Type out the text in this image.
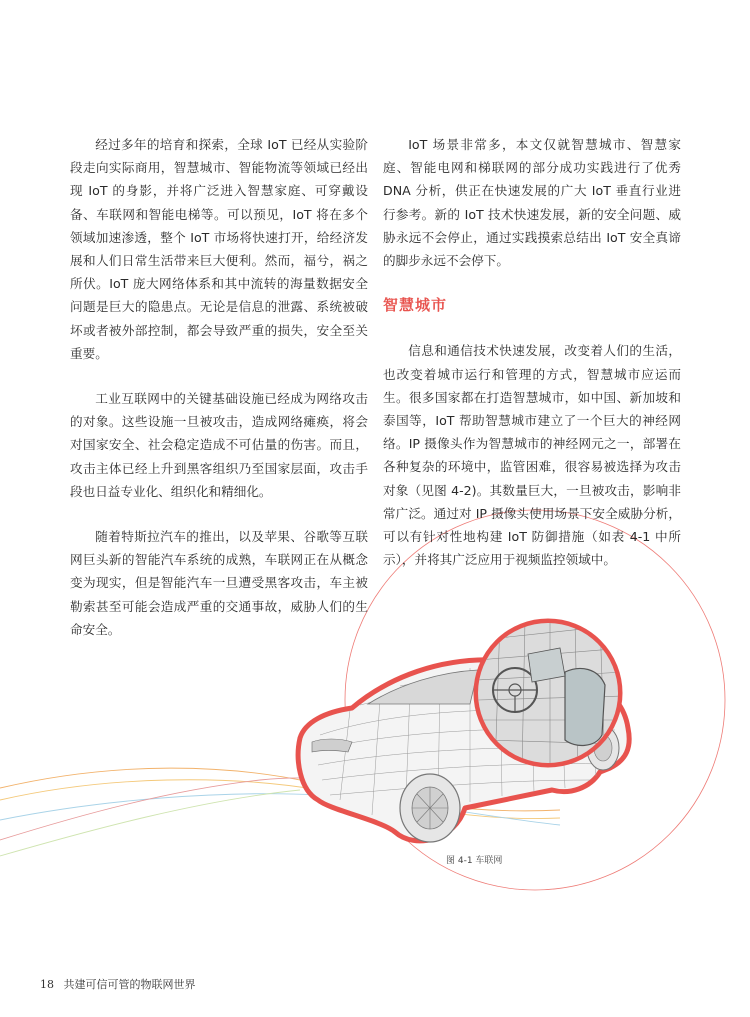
经过多年的培育和探索，全球 IoT 已经从实验阶段走向实际商用，智慧城市、智能物流等领域已经出现 IoT 的身影，并将广泛进入智慧家庭、可穿戴设备、车联网和智能电梯等。可以预见，IoT 将在多个领域加速渗透，整个 IoT 市场将快速打开，给经济发展和人们日常生活带来巨大便利。然而，福兮，祸之所伏。IoT 庞大网络体系和其中流转的海量数据安全问题是巨大的隐患点。无论是信息的泄露、系统被破坏或者被外部控制，都会导致严重的损失，安全至关重要。

工业互联网中的关键基础设施已经成为网络攻击的对象。这些设施一旦被攻击，造成网络瘫痪，将会对国家安全、社会稳定造成不可估量的伤害。而且，攻击主体已经上升到黑客组织乃至国家层面，攻击手段也日益专业化、组织化和精细化。

随着特斯拉汽车的推出，以及苹果、谷歌等互联网巨头新的智能汽车系统的成熟，车联网正在从概念变为现实，但是智能汽车一旦遭受黑客攻击，车主被勒索甚至可能会造成严重的交通事故，威胁人们的生命安全。

IoT 场景非常多，本文仅就智慧城市、智慧家庭、智能电网和梯联网的部分成功实践进行了优秀 DNA 分析，供正在快速发展的广大 IoT 垂直行业进行参考。新的 IoT 技术快速发展，新的安全问题、威胁永远不会停止，通过实践摸索总结出 IoT 安全真谛的脚步永远不会停下。

智慧城市

信息和通信技术快速发展，改变着人们的生活，也改变着城市运行和管理的方式，智慧城市应运而生。很多国家都在打造智慧城市，如中国、新加坡和泰国等，IoT 帮助智慧城市建立了一个巨大的神经网络。IP 摄像头作为智慧城市的神经网元之一，部署在各种复杂的环境中，监管困难，很容易被选择为攻击对象（见图 4-2)。其数量巨大，一旦被攻击，影响非常广泛。通过对 IP 摄像头使用场景下安全威胁分析，可以有针对性地构建 IoT 防御措施（如表 4-1 中所示），并将其广泛应用于视频监控领域中。

图 4-1 车联网
18 共建可信可管的物联网世界
